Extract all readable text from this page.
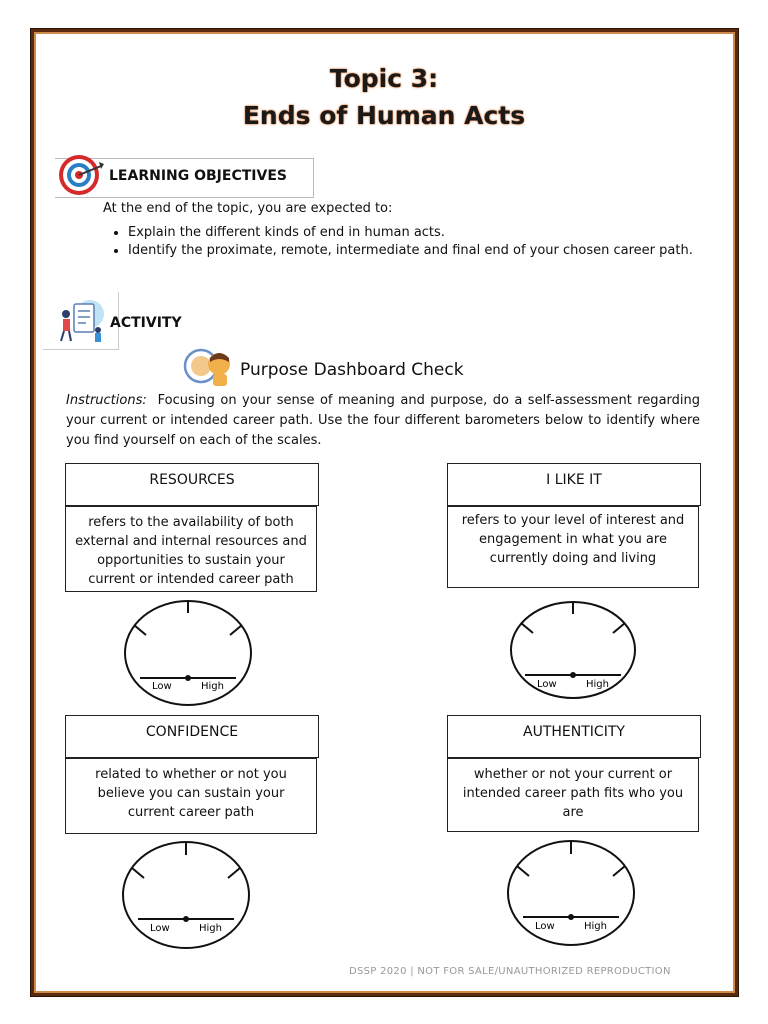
Topic 3:
Ends of Human Acts
LEARNING OBJECTIVES
At the end of the topic, you are expected to:
• Explain the different kinds of end in human acts.
• Identify the proximate, remote, intermediate and final end of your chosen career path.
ACTIVITY
Purpose Dashboard Check
Instructions: Focusing on your sense of meaning and purpose, do a self-assessment regarding your current or intended career path. Use the four different barometers below to identify where you find yourself on each of the scales.
RESOURCES
refers to the availability of both external and internal resources and opportunities to sustain your current or intended career path
I LIKE IT
refers to your level of interest and engagement in what you are currently doing and living
CONFIDENCE
related to whether or not you believe you can sustain your current career path
AUTHENTICITY
whether or not your current or intended career path fits who you are
Low	High	Low	High
Low	High	Low	High
DSSP 2020 | NOT FOR SALE/UNAUTHORIZED REPRODUCTION
